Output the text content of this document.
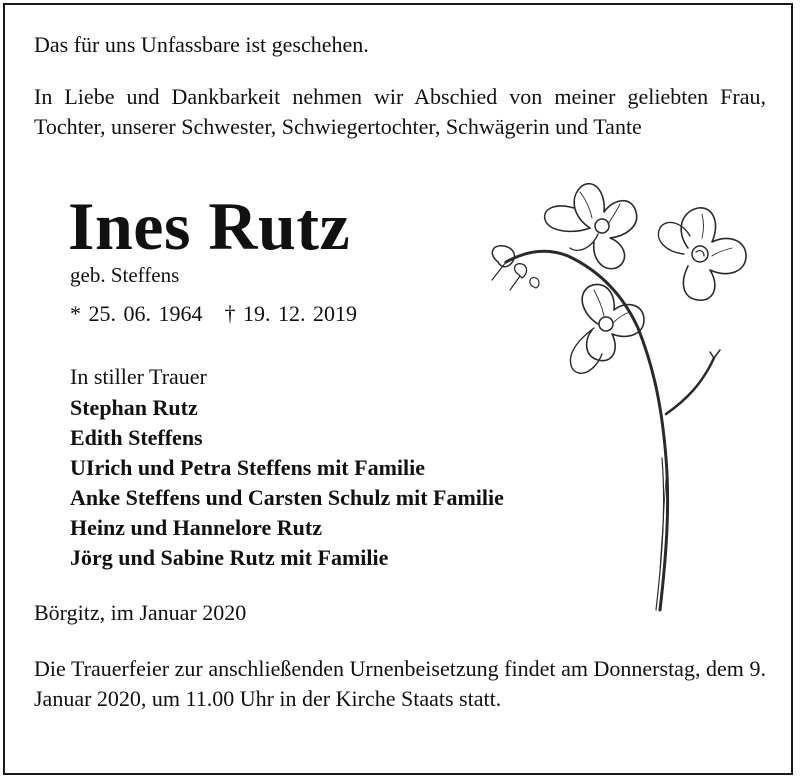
Das für uns Unfassbare ist geschehen.

In Liebe und Dankbarkeit nehmen wir Abschied von meiner geliebten Frau, Tochter, unserer Schwester, Schwiegertochter, Schwägerin und Tante

Ines Rutz
geb. Steffens
* 25. 06. 1964 † 19. 12. 2019
In stiller Trauer
Stephan Rutz
Edith Steffens
UIrich und Petra Steffens mit Familie
Anke Steffens und Carsten Schulz mit Familie
Heinz und Hannelore Rutz
Jörg und Sabine Rutz mit Familie
Börgitz, im Januar 2020

Die Trauerfeier zur anschließenden Urnenbeisetzung findet am Donnerstag, dem 9. Januar 2020, um 11.00 Uhr in der Kirche Staats statt.
